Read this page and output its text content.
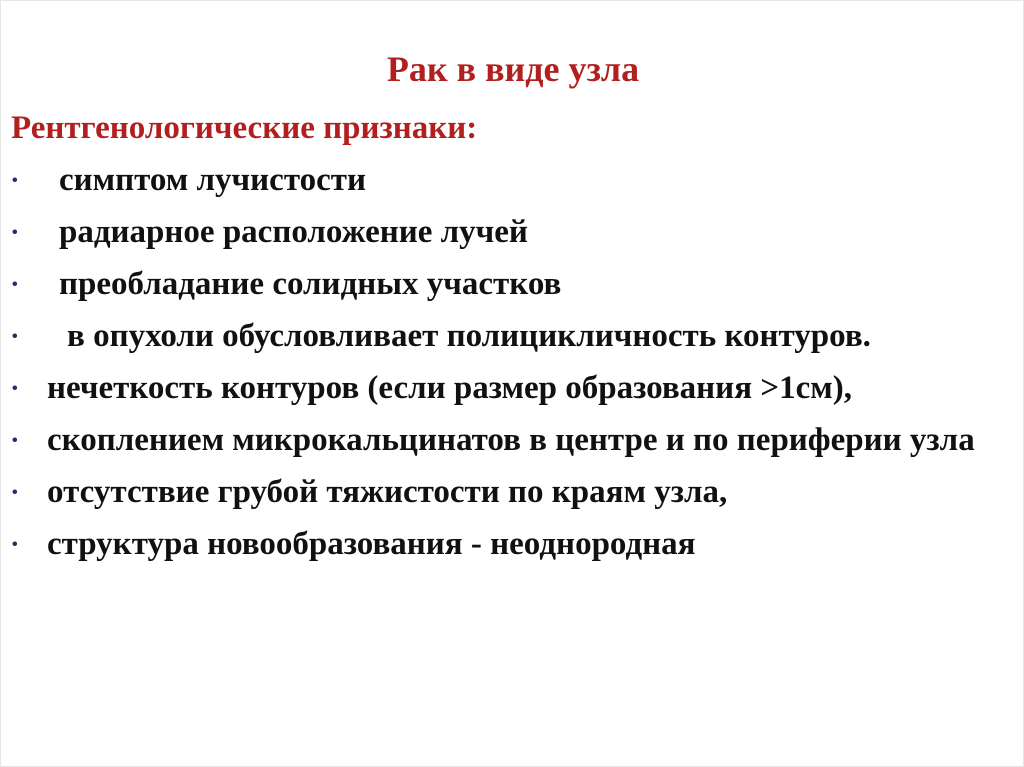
Рак в виде узла
Рентгенологические признаки:
• симптом лучистости
• радиарное расположение лучей
• преобладание солидных участков
• в опухоли обусловливает полицикличность контуров.
• нечеткость контуров (если размер образования >1см),
• скоплением микрокальцинатов в центре и по периферии узла
• отсутствие грубой тяжистости по краям узла,
• структура новообразования - неоднородная
